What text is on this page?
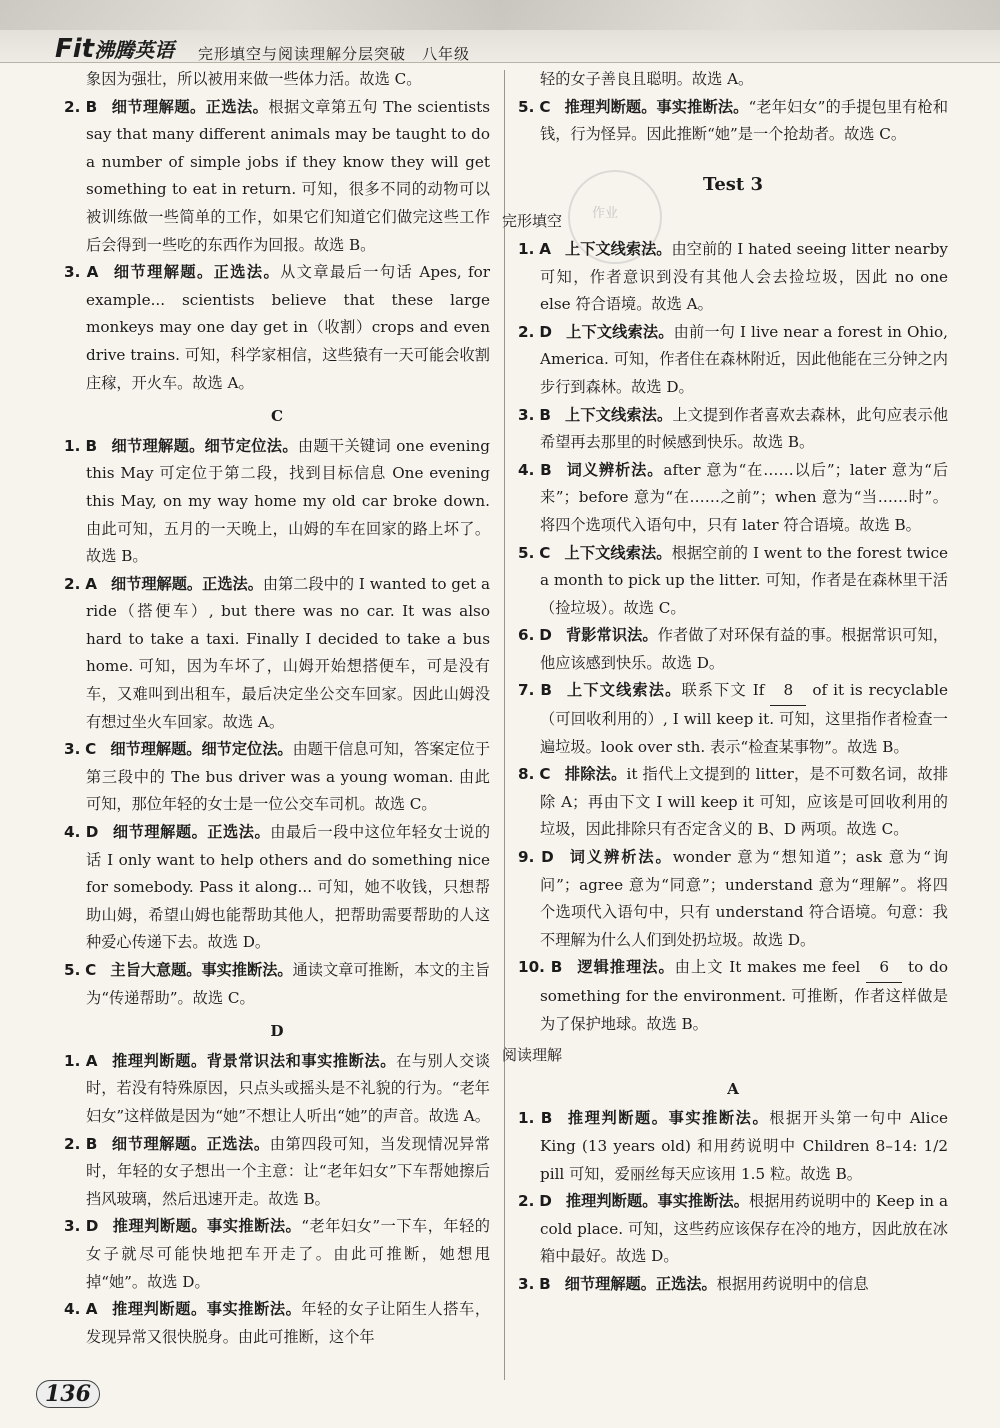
Fit沸腾英语 完形填空与阅读理解分层突破　八年级
作业

象因为强壮，所以被用来做一些体力活。故选 C。

2. B 细节理解题。正选法。根据文章第五句 The scientists say that many different animals may be taught to do a number of simple jobs if they know they will get something to eat in return. 可知，很多不同的动物可以被训练做一些简单的工作，如果它们知道它们做完这些工作后会得到一些吃的东西作为回报。故选 B。

3. A 细节理解题。正选法。从文章最后一句话 Apes, for example... scientists believe that these large monkeys may one day get in（收割）crops and even drive trains. 可知，科学家相信，这些猿有一天可能会收割庄稼，开火车。故选 A。

C

1. B 细节理解题。细节定位法。由题干关键词 one evening this May 可定位于第二段，找到目标信息 One evening this May, on my way home my old car broke down. 由此可知，五月的一天晚上，山姆的车在回家的路上坏了。故选 B。

2. A 细节理解题。正选法。由第二段中的 I wanted to get a ride（搭便车）, but there was no car. It was also hard to take a taxi. Finally I decided to take a bus home. 可知，因为车坏了，山姆开始想搭便车，可是没有车，又难叫到出租车，最后决定坐公交车回家。因此山姆没有想过坐火车回家。故选 A。

3. C 细节理解题。细节定位法。由题干信息可知，答案定位于第三段中的 The bus driver was a young woman. 由此可知，那位年轻的女士是一位公交车司机。故选 C。

4. D 细节理解题。正选法。由最后一段中这位年轻女士说的话 I only want to help others and do something nice for somebody. Pass it along... 可知，她不收钱，只想帮助山姆，希望山姆也能帮助其他人，把帮助需要帮助的人这种爱心传递下去。故选 D。

5. C 主旨大意题。事实推断法。通读文章可推断，本文的主旨为“传递帮助”。故选 C。

D

1. A 推理判断题。背景常识法和事实推断法。在与别人交谈时，若没有特殊原因，只点头或摇头是不礼貌的行为。“老年妇女”这样做是因为“她”不想让人听出“她”的声音。故选 A。

2. B 细节理解题。正选法。由第四段可知，当发现情况异常时，年轻的女子想出一个主意：让“老年妇女”下车帮她擦后挡风玻璃，然后迅速开走。故选 B。

3. D 推理判断题。事实推断法。“老年妇女”一下车，年轻的女子就尽可能快地把车开走了。由此可推断，她想甩掉“她”。故选 D。

4. A 推理判断题。事实推断法。年轻的女子让陌生人搭车，发现异常又很快脱身。由此可推断，这个年

轻的女子善良且聪明。故选 A。

5. C 推理判断题。事实推断法。“老年妇女”的手提包里有枪和钱，行为怪异。因此推断“她”是一个抢劫者。故选 C。

Test 3

完形填空

1. A 上下文线索法。由空前的 I hated seeing litter nearby 可知，作者意识到没有其他人会去捡垃圾，因此 no one else 符合语境。故选 A。

2. D 上下文线索法。由前一句 I live near a forest in Ohio, America. 可知，作者住在森林附近，因此他能在三分钟之内步行到森林。故选 D。

3. B 上下文线索法。上文提到作者喜欢去森林，此句应表示他希望再去那里的时候感到快乐。故选 B。

4. B 词义辨析法。after 意为“在……以后”；later 意为“后来”；before 意为“在……之前”；when 意为“当……时”。将四个选项代入语句中，只有 later 符合语境。故选 B。

5. C 上下文线索法。根据空前的 I went to the forest twice a month to pick up the litter. 可知，作者是在森林里干活（捡垃圾）。故选 C。

6. D 背影常识法。作者做了对环保有益的事。根据常识可知，他应该感到快乐。故选 D。

7. B 上下文线索法。联系下文 If 8 of it is recyclable（可回收利用的）, I will keep it. 可知，这里指作者检查一遍垃圾。look over sth. 表示“检查某事物”。故选 B。

8. C 排除法。it 指代上文提到的 litter，是不可数名词，故排除 A；再由下文 I will keep it 可知，应该是可回收利用的垃圾，因此排除只有否定含义的 B、D 两项。故选 C。

9. D 词义辨析法。wonder 意为“想知道”；ask 意为“询问”；agree 意为“同意”；understand 意为“理解”。将四个选项代入语句中，只有 understand 符合语境。句意：我不理解为什么人们到处扔垃圾。故选 D。

10. B 逻辑推理法。由上文 It makes me feel 6 to do something for the environment. 可推断，作者这样做是为了保护地球。故选 B。

阅读理解

A

1. B 推理判断题。事实推断法。根据开头第一句中 Alice King (13 years old) 和用药说明中 Children 8–14: 1/2 pill 可知，爱丽丝每天应该用 1.5 粒。故选 B。

2. D 推理判断题。事实推断法。根据用药说明中的 Keep in a cold place. 可知，这些药应该保存在冷的地方，因此放在冰箱中最好。故选 D。

3. B 细节理解题。正选法。根据用药说明中的信息

136
